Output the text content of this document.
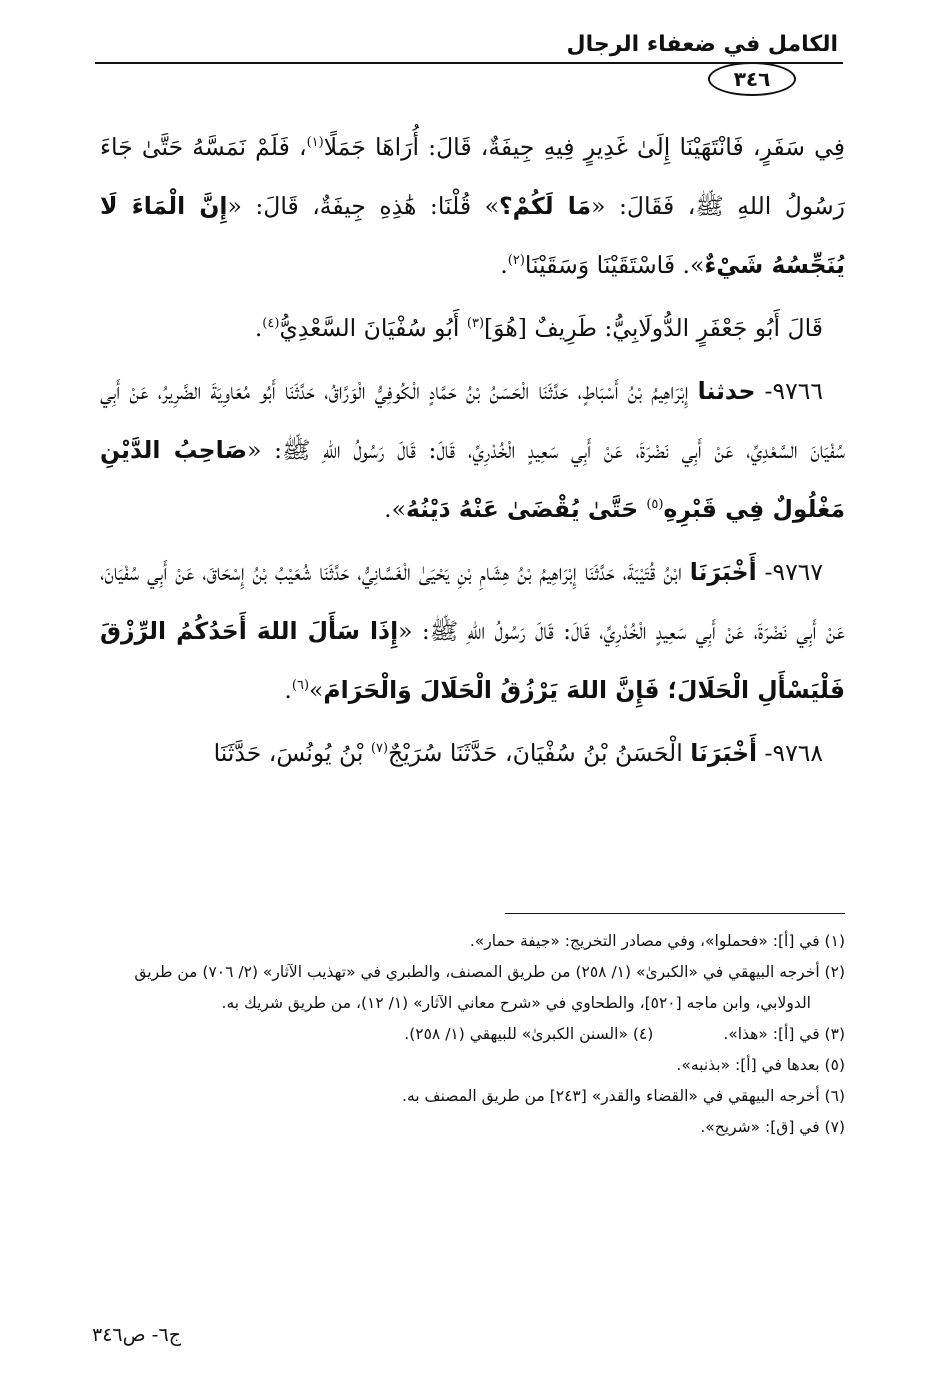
الكامل في ضعفاء الرجال
٣٤٦

فِي سَفَرٍ، فَانْتَهَيْنَا إِلَىٰ غَدِيرٍ فِيهِ جِيفَةٌ، قَالَ: أُرَاهَا جَمَلًا$^{(١)}$، فَلَمْ نَمَسَّهُ حَتَّىٰ جَاءَ رَسُولُ اللهِ ﷺ، فَقَالَ: «مَا لَكُمْ؟» قُلْنَا: هَٰذِهِ جِيفَةٌ، قَالَ: «إِنَّ الْمَاءَ لَا يُنَجِّسُهُ شَيْءٌ». فَاسْتَقَيْنَا وَسَقَيْنَا$^{(٢)}$.

قَالَ أَبُو جَعْفَرٍ الدُّولَابِيُّ: طَرِيفٌ [هُوَ]$^{(٣)}$ أَبُو سُفْيَانَ السَّعْدِيُّ$^{(٤)}$.

٩٧٦٦- حدثنا إِبْرَاهِيمُ بْنُ أَسْبَاطٍ، حَدَّثَنَا الْحَسَنُ بْنُ حَمَّادٍ الْكُوفِيُّ الْوَرَّاقُ، حَدَّثَنَا أَبُو مُعَاوِيَةَ الضَّرِيرُ، عَنْ أَبِي سُفْيَانَ السَّعْدِيِّ، عَنْ أَبِي نَضْرَةَ، عَنْ أَبِي سَعِيدٍ الْخُدْرِيِّ، قَالَ: قَالَ رَسُولُ اللهِ ﷺ: «صَاحِبُ الدَّيْنِ مَغْلُولٌ فِي قَبْرِهِ$^{(٥)}$ حَتَّىٰ يُقْضَىٰ عَنْهُ دَيْنُهُ».

٩٧٦٧- أَخْبَرَنَا ابْنُ قُتَيْبَةَ، حَدَّثَنَا إِبْرَاهِيمُ بْنُ هِشَامِ بْنِ يَحْيَىٰ الْغَسَّانِيُّ، حَدَّثَنَا شُعَيْبُ بْنُ إِسْحَاقَ، عَنْ أَبِي سُفْيَانَ، عَنْ أَبِي نَضْرَةَ، عَنْ أَبِي سَعِيدٍ الْخُدْرِيِّ، قَالَ: قَالَ رَسُولُ اللهِ ﷺ: «إِذَا سَأَلَ اللهَ أَحَدُكُمُ الرِّزْقَ فَلْيَسْأَلِ الْحَلَالَ؛ فَإِنَّ اللهَ يَرْزُقُ الْحَلَالَ وَالْحَرَامَ»$^{(٦)}$.

٩٧٦٨- أَخْبَرَنَا الْحَسَنُ بْنُ سُفْيَانَ، حَدَّثَنَا سُرَيْجٌ$^{(٧)}$ بْنُ يُونُسَ، حَدَّثَنَا

(١) في [أ]: «فحملوا»، وفي مصادر التخريج: «جيفة حمار».

(٢) أخرجه البيهقي في «الكبرىٰ» (١/ ٢٥٨) من طريق المصنف، والطبري في «تهذيب الآثار» (٢/ ٧٠٦) من طريق الدولابي، وابن ماجه [٥٢٠]، والطحاوي في «شرح معاني الآثار» (١/ ١٢)، من طريق شريك به.

(٣) في [أ]: «هذا».

(٤) «السنن الكبرىٰ» للبيهقي (١/ ٢٥٨).

(٥) بعدها في [أ]: «بذنبه».

(٦) أخرجه البيهقي في «القضاء والقدر» [٢٤٣] من طريق المصنف به.

(٧) في [ق]: «شريح».

ج٦- ص٣٤٦
